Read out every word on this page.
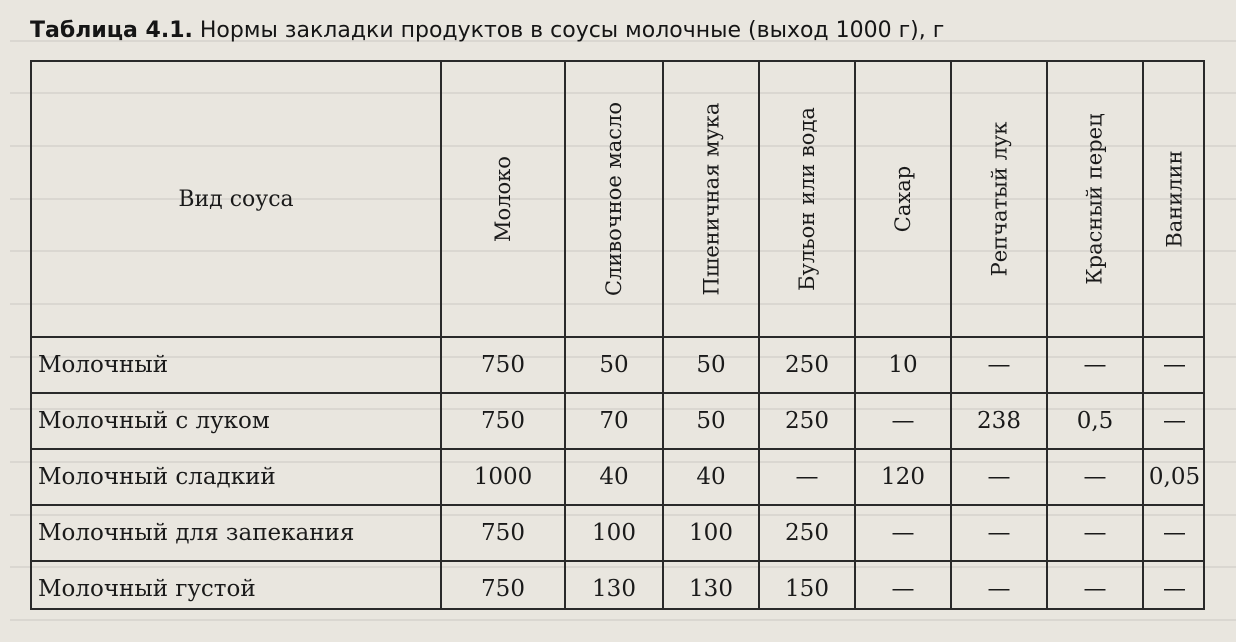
Таблица 4.1. Нормы закладки продуктов в соусы молочные (выход 1000 г), г
Вид соуса	Молоко	Сливочное масло	Пшеничная мука	Бульон или вода	Сахар	Репчатый лук	Красный перец	Ванилин
Молочный	750	50	50	250	10	—	—	—
Молочный с луком	750	70	50	250	—	238	0,5	—
Молочный сладкий	1000	40	40	—	120	—	—	0,05
Молочный для запекания	750	100	100	250	—	—	—	—
Молочный густой	750	130	130	150	—	—	—	—
